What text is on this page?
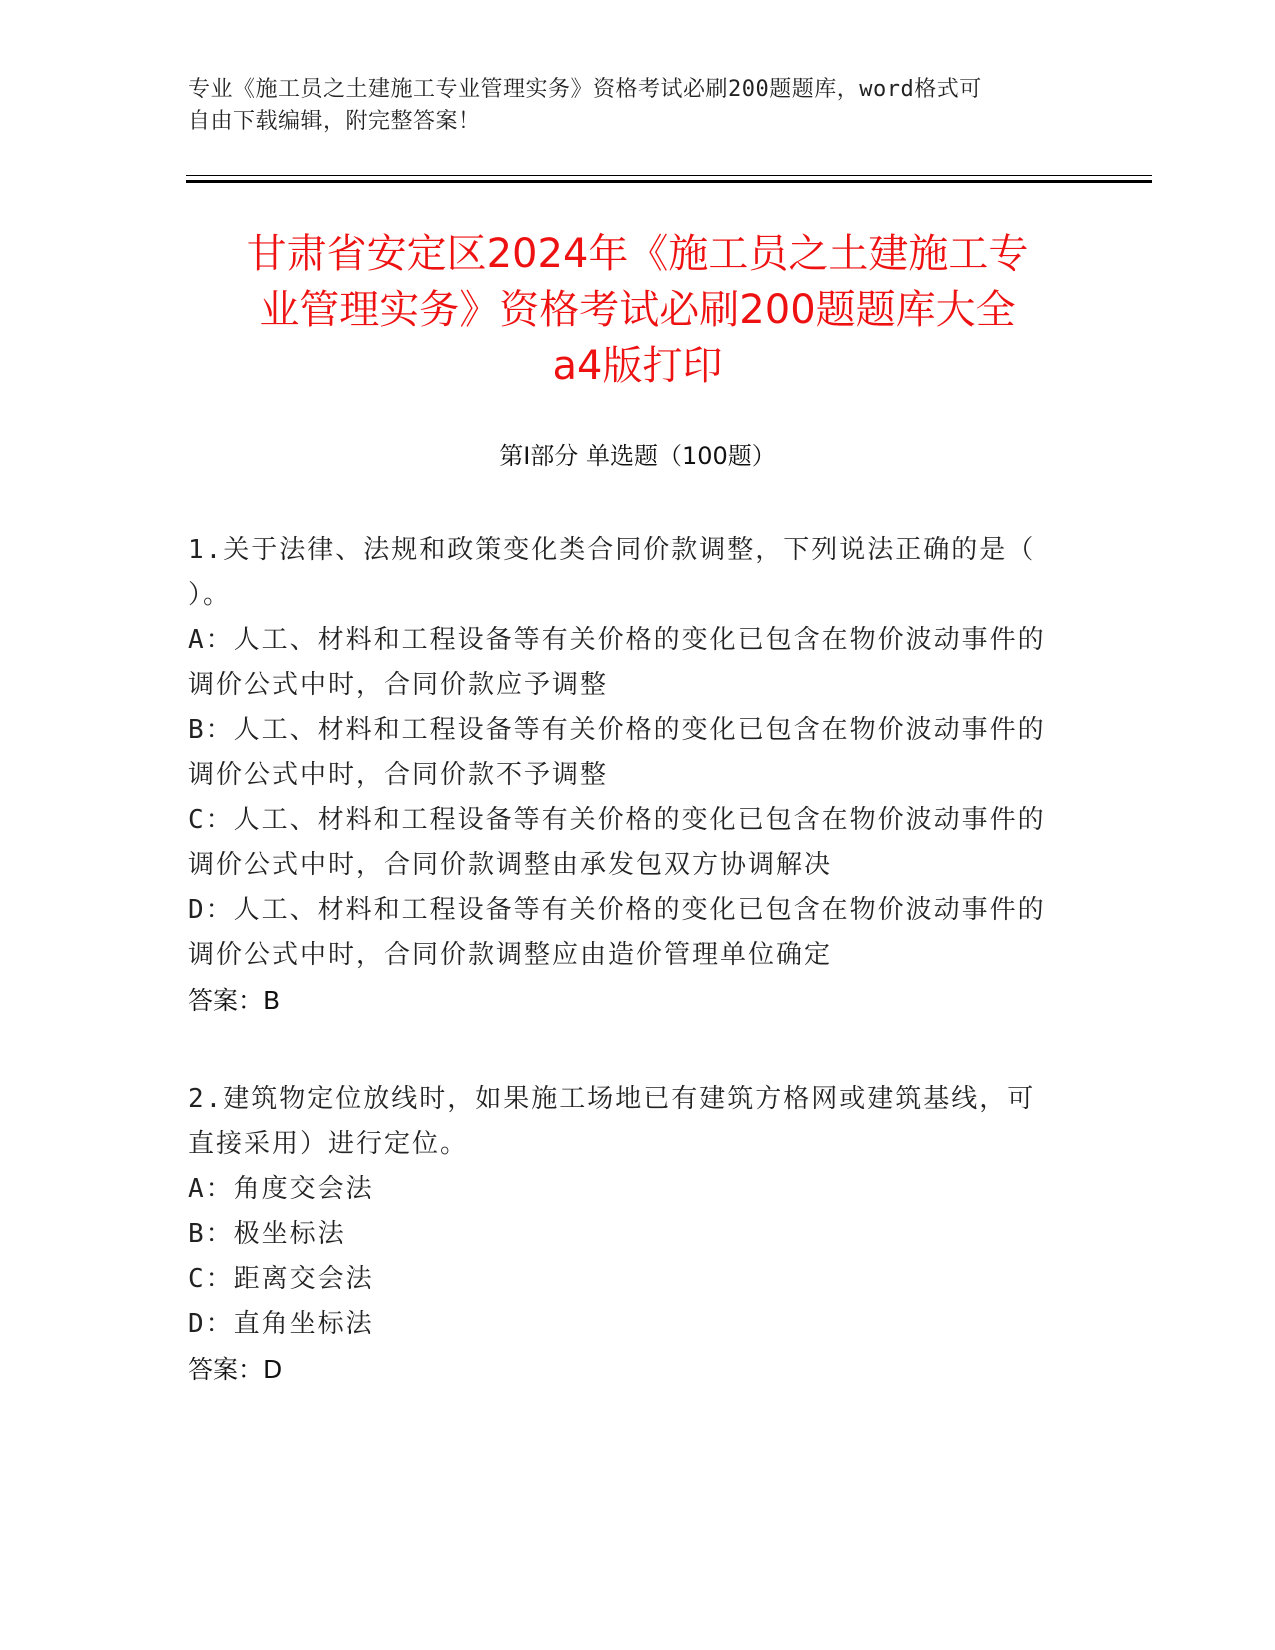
专业《施工员之土建施工专业管理实务》资格考试必刷200题题库，word格式可
自由下载编辑，附完整答案！
甘肃省安定区2024年《施工员之土建施工专
业管理实务》资格考试必刷200题题库大全
a4版打印
第Ⅰ部分 单选题（100题）

1.关于法律、法规和政策变化类合同价款调整，下列说法正确的是（

）。

A：人工、材料和工程设备等有关价格的变化已包含在物价波动事件的

调价公式中时，合同价款应予调整

B：人工、材料和工程设备等有关价格的变化已包含在物价波动事件的

调价公式中时，合同价款不予调整

C：人工、材料和工程设备等有关价格的变化已包含在物价波动事件的

调价公式中时，合同价款调整由承发包双方协调解决

D：人工、材料和工程设备等有关价格的变化已包含在物价波动事件的

调价公式中时，合同价款调整应由造价管理单位确定

答案：B

2.建筑物定位放线时，如果施工场地已有建筑方格网或建筑基线，可

直接采用）进行定位。

A：角度交会法

B：极坐标法

C：距离交会法

D：直角坐标法

答案：D
